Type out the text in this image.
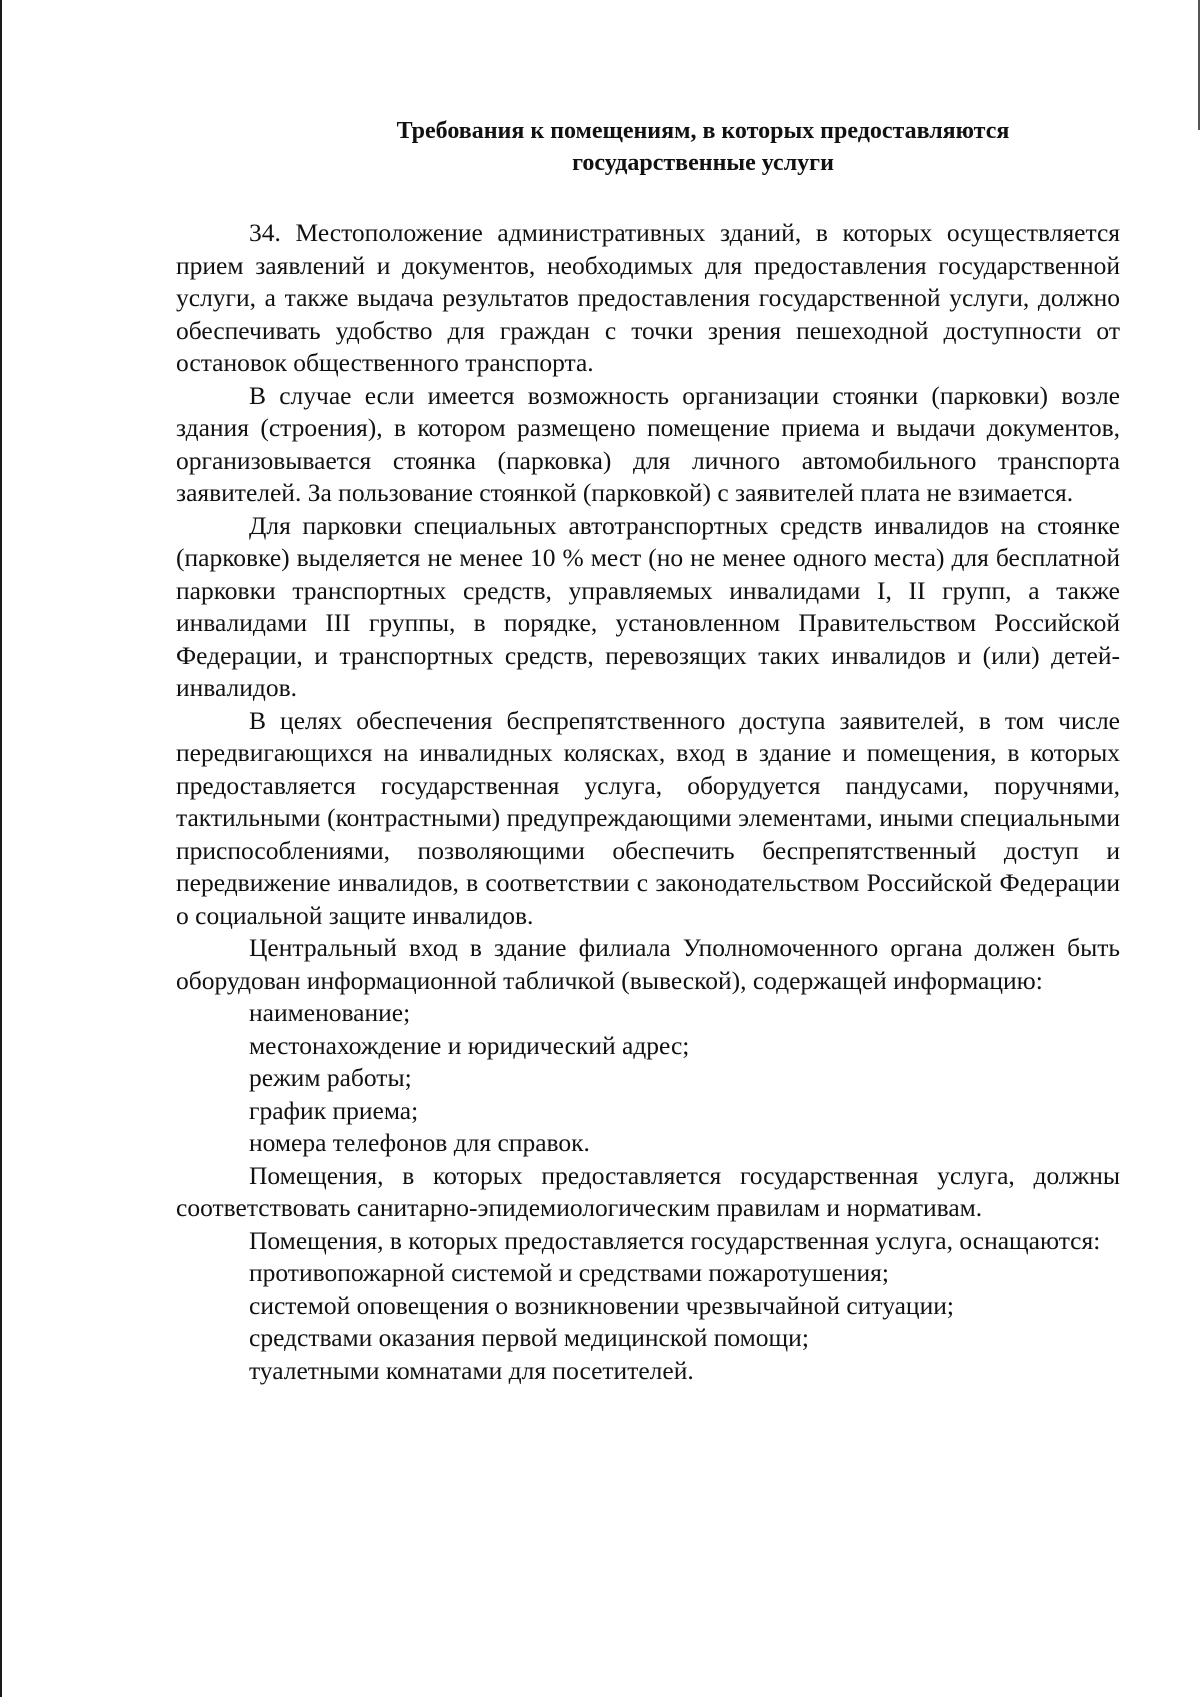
Требования к помещениям, в которых предоставляются
государственные услуги

34. Местоположение административных зданий, в которых осуществляется прием заявлений и документов, необходимых для предоставления государственной услуги, а также выдача результатов предоставления государственной услуги, должно обеспечивать удобство для граждан с точки зрения пешеходной доступности от остановок общественного транспорта.

В случае если имеется возможность организации стоянки (парковки) возле здания (строения), в котором размещено помещение приема и выдачи документов, организовывается стоянка (парковка) для личного автомобильного транспорта заявителей. За пользование стоянкой (парковкой) с заявителей плата не взимается.

Для парковки специальных автотранспортных средств инвалидов на стоянке (парковке) выделяется не менее 10 % мест (но не менее одного места) для бесплатной парковки транспортных средств, управляемых инвалидами I, II групп, а также инвалидами III группы, в порядке, установленном Правительством Российской Федерации, и транспортных средств, перевозящих таких инвалидов и (или) детей-инвалидов.

В целях обеспечения беспрепятственного доступа заявителей, в том числе передвигающихся на инвалидных колясках, вход в здание и помещения, в которых предоставляется государственная услуга, оборудуется пандусами, поручнями, тактильными (контрастными) предупреждающими элементами, иными специальными приспособлениями, позволяющими обеспечить беспрепятственный доступ и передвижение инвалидов, в соответствии с законодательством Российской Федерации о социальной защите инвалидов.

Центральный вход в здание филиала Уполномоченного органа должен быть оборудован информационной табличкой (вывеской), содержащей информацию:

наименование;

местонахождение и юридический адрес;

режим работы;

график приема;

номера телефонов для справок.

Помещения, в которых предоставляется государственная услуга, должны соответствовать санитарно-эпидемиологическим правилам и нормативам.

Помещения, в которых предоставляется государственная услуга, оснащаются:

противопожарной системой и средствами пожаротушения;

системой оповещения о возникновении чрезвычайной ситуации;

средствами оказания первой медицинской помощи;

туалетными комнатами для посетителей.
